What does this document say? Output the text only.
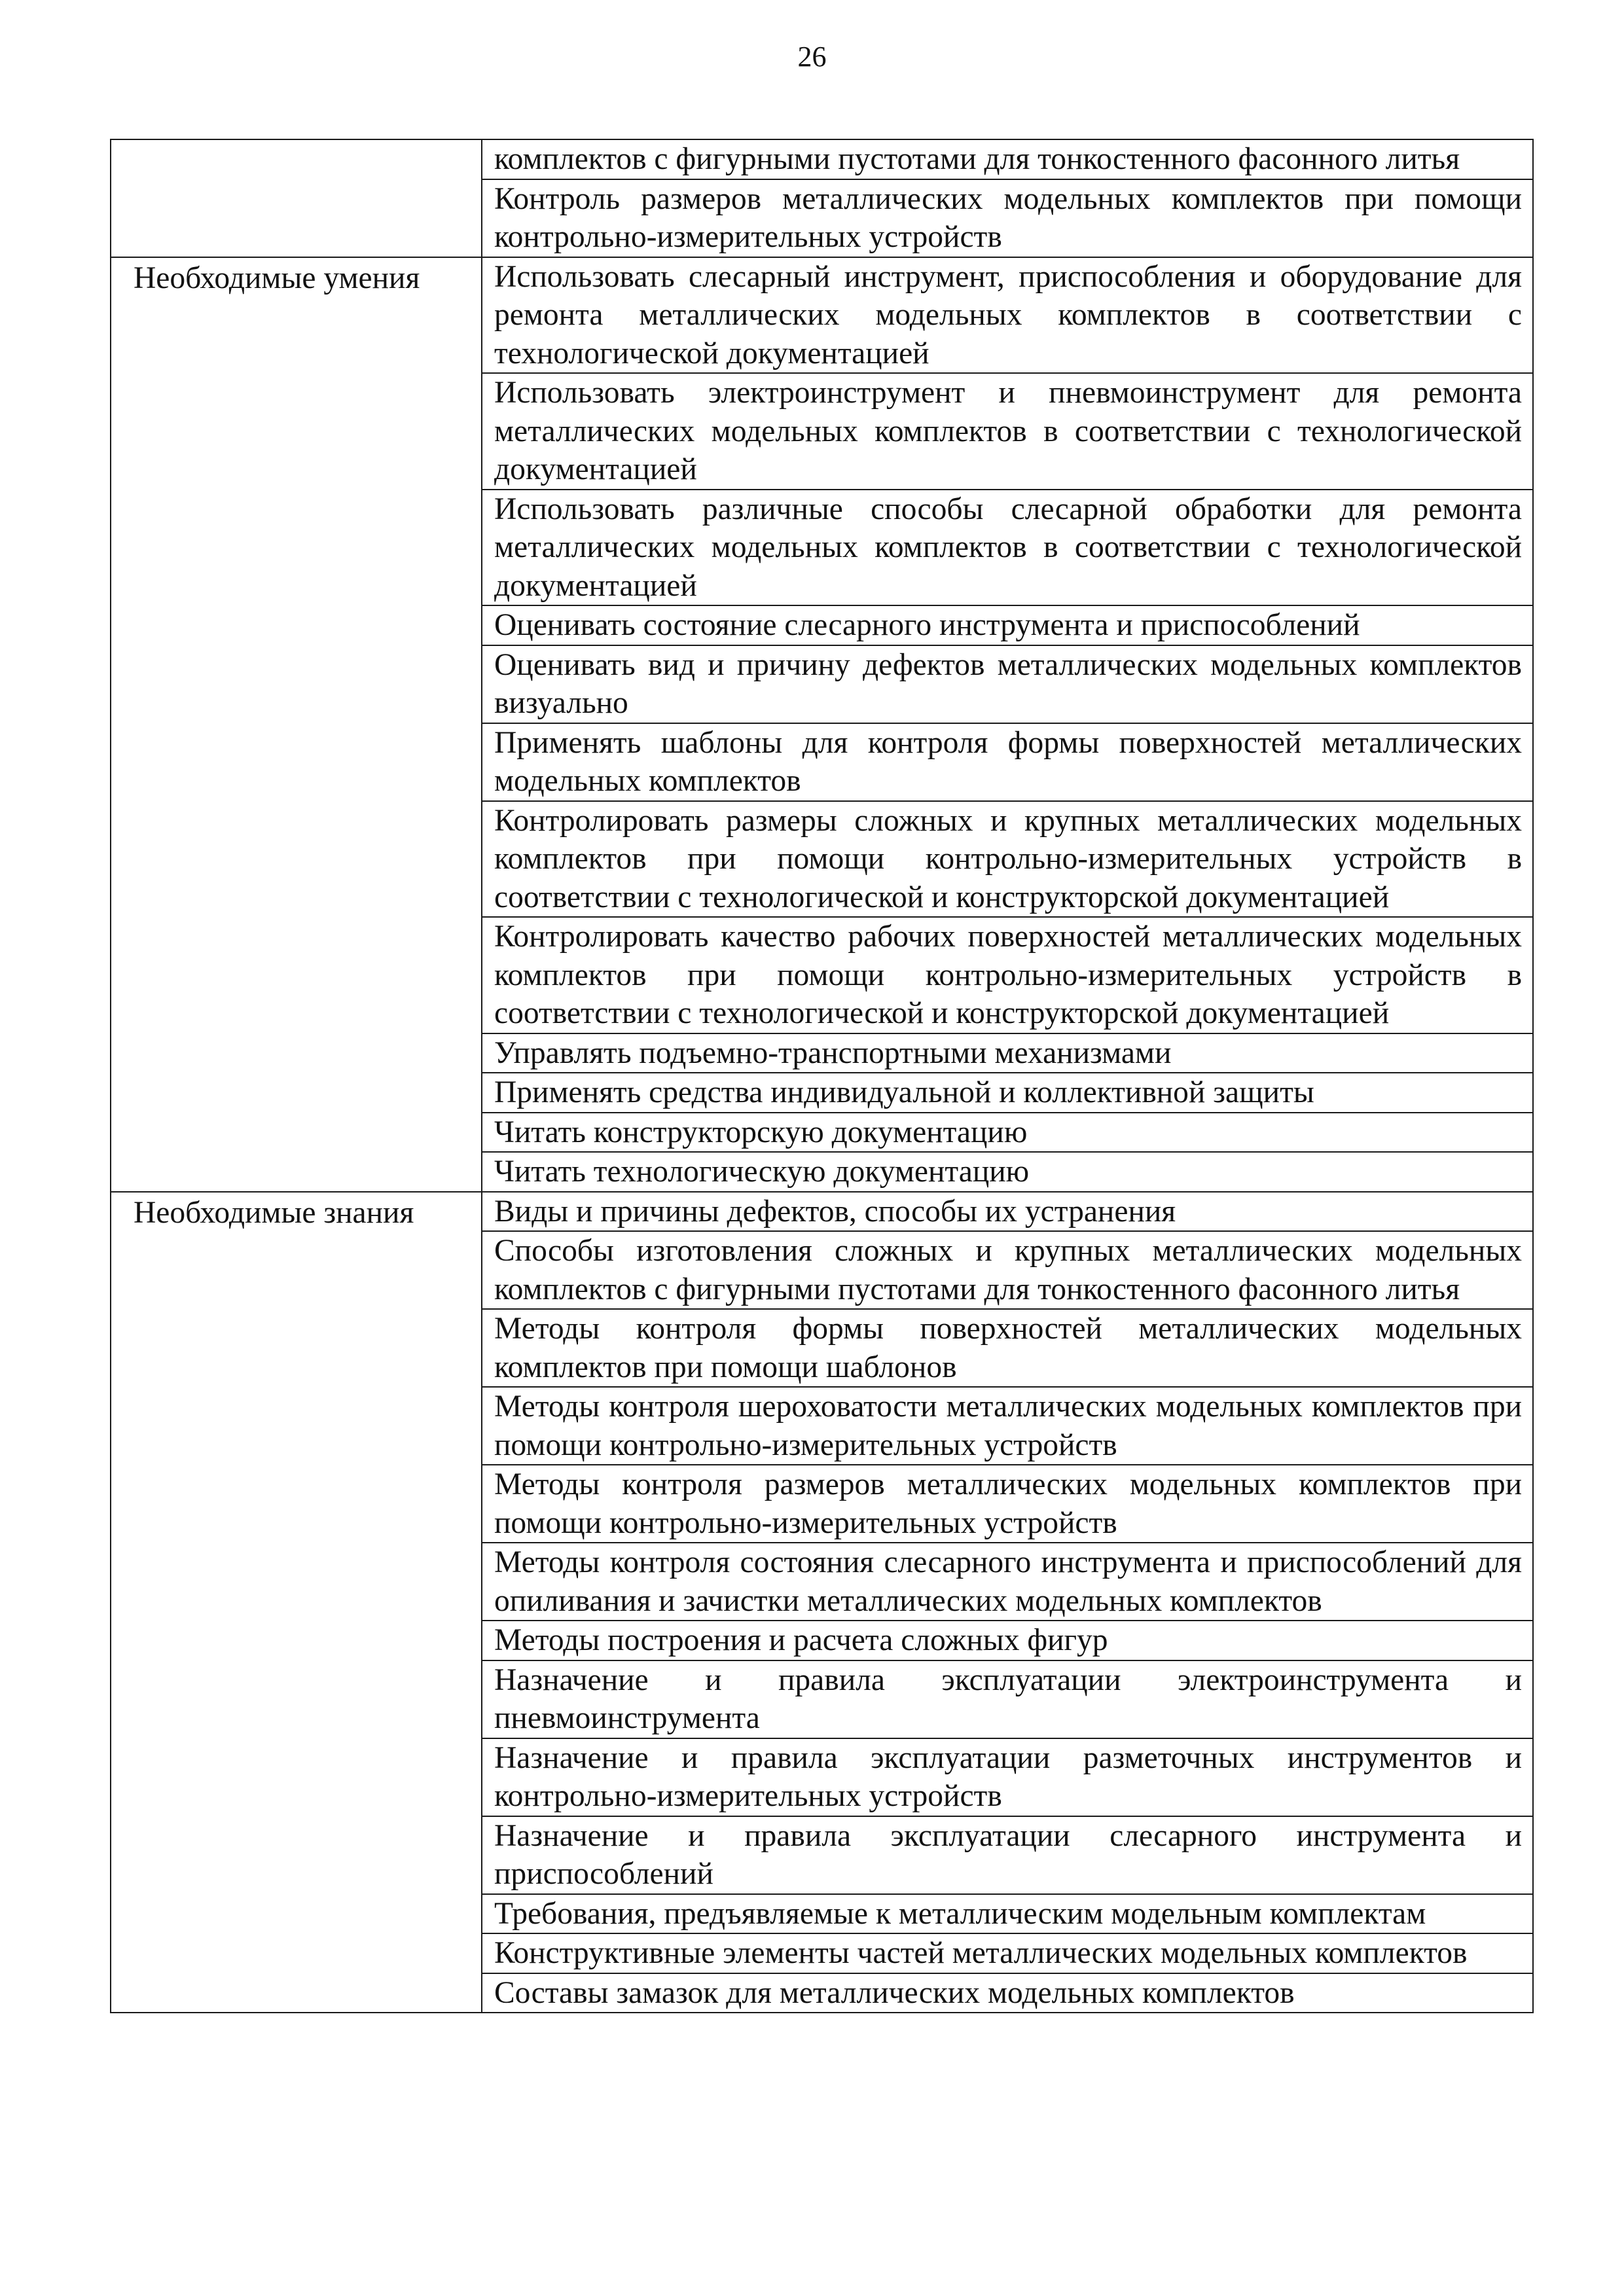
26
	комплектов с фигурными пустотами для тонкостенного фасонного литья
	Контроль размеров металлических модельных комплектов при помощи контрольно-измерительных устройств
Необходимые умения	Использовать слесарный инструмент, приспособления и оборудование для ремонта металлических модельных комплектов в соответствии с технологической документацией
	Использовать электроинструмент и пневмоинструмент для ремонта металлических модельных комплектов в соответствии с технологической документацией
	Использовать различные способы слесарной обработки для ремонта металлических модельных комплектов в соответствии с технологической документацией
	Оценивать состояние слесарного инструмента и приспособлений
	Оценивать вид и причину дефектов металлических модельных комплектов визуально
	Применять шаблоны для контроля формы поверхностей металлических модельных комплектов
	Контролировать размеры сложных и крупных металлических модельных комплектов при помощи контрольно-измерительных устройств в соответствии с технологической и конструкторской документацией
	Контролировать качество рабочих поверхностей металлических модельных комплектов при помощи контрольно-измерительных устройств в соответствии с технологической и конструкторской документацией
	Управлять подъемно-транспортными механизмами
	Применять средства индивидуальной и коллективной защиты
	Читать конструкторскую документацию
	Читать технологическую документацию
Необходимые знания	Виды и причины дефектов, способы их устранения
	Способы изготовления сложных и крупных металлических модельных комплектов с фигурными пустотами для тонкостенного фасонного литья
	Методы контроля формы поверхностей металлических модельных комплектов при помощи шаблонов
	Методы контроля шероховатости металлических модельных комплектов при помощи контрольно-измерительных устройств
	Методы контроля размеров металлических модельных комплектов при помощи контрольно-измерительных устройств
	Методы контроля состояния слесарного инструмента и приспособлений для опиливания и зачистки металлических модельных комплектов
	Методы построения и расчета сложных фигур
	Назначение и правила эксплуатации электроинструмента и пневмоинструмента
	Назначение и правила эксплуатации разметочных инструментов и контрольно-измерительных устройств
	Назначение и правила эксплуатации слесарного инструмента и приспособлений
	Требования, предъявляемые к металлическим модельным комплектам
	Конструктивные элементы частей металлических модельных комплектов
	Составы замазок для металлических модельных комплектов
